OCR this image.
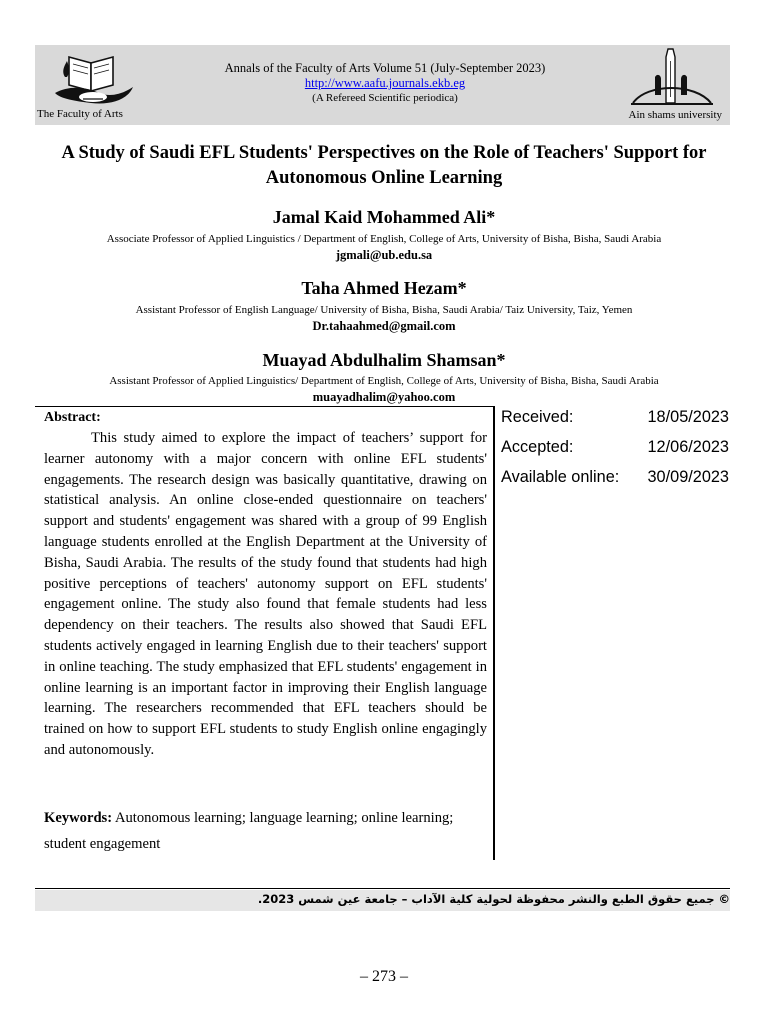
The Faculty of Arts
Annals of the Faculty of Arts Volume 51 (July-September 2023)
http://www.aafu.journals.ekb.eg
(A Refereed Scientific periodica)
Ain shams university
A Study of Saudi EFL Students' Perspectives on the Role of Teachers' Support for Autonomous Online Learning
Jamal Kaid Mohammed Ali*
Associate Professor of Applied Linguistics / Department of English, College of Arts, University of Bisha, Bisha, Saudi Arabia
jgmali@ub.edu.sa
Taha Ahmed Hezam*
Assistant Professor of English Language/ University of Bisha, Bisha, Saudi Arabia/ Taiz University, Taiz, Yemen
Dr.tahaahmed@gmail.com
Muayad Abdulhalim Shamsan*
Assistant Professor of Applied Linguistics/ Department of English, College of Arts, University of Bisha, Bisha, Saudi Arabia
muayadhalim@yahoo.com
Abstract:

This study aimed to explore the impact of teachers’ support for learner autonomy with a major concern with online EFL students' engagements. The research design was basically quantitative, drawing on statistical analysis. An online close-ended questionnaire on teachers' support and students' engagement was shared with a group of 99 English language students enrolled at the English Department at the University of Bisha, Saudi Arabia. The results of the study found that students had high positive perceptions of teachers' autonomy support on EFL students' engagement online. The study also found that female students had less dependency on their teachers. The results also showed that Saudi EFL students actively engaged in learning English due to their teachers' support in online teaching. The study emphasized that EFL students' engagement in online learning is an important factor in improving their English language learning. The researchers recommended that EFL teachers should be trained on how to support EFL students to study English online engagingly and autonomously.

Keywords: Autonomous learning; language learning; online learning; student engagement
Received:	18/05/2023
Accepted:	12/06/2023
Available online: 30/09/2023
© جميع حقوق الطبع والنشر محفوظة لحولية كلية الآداب – جامعة عين شمس 2023.
– 273 –
